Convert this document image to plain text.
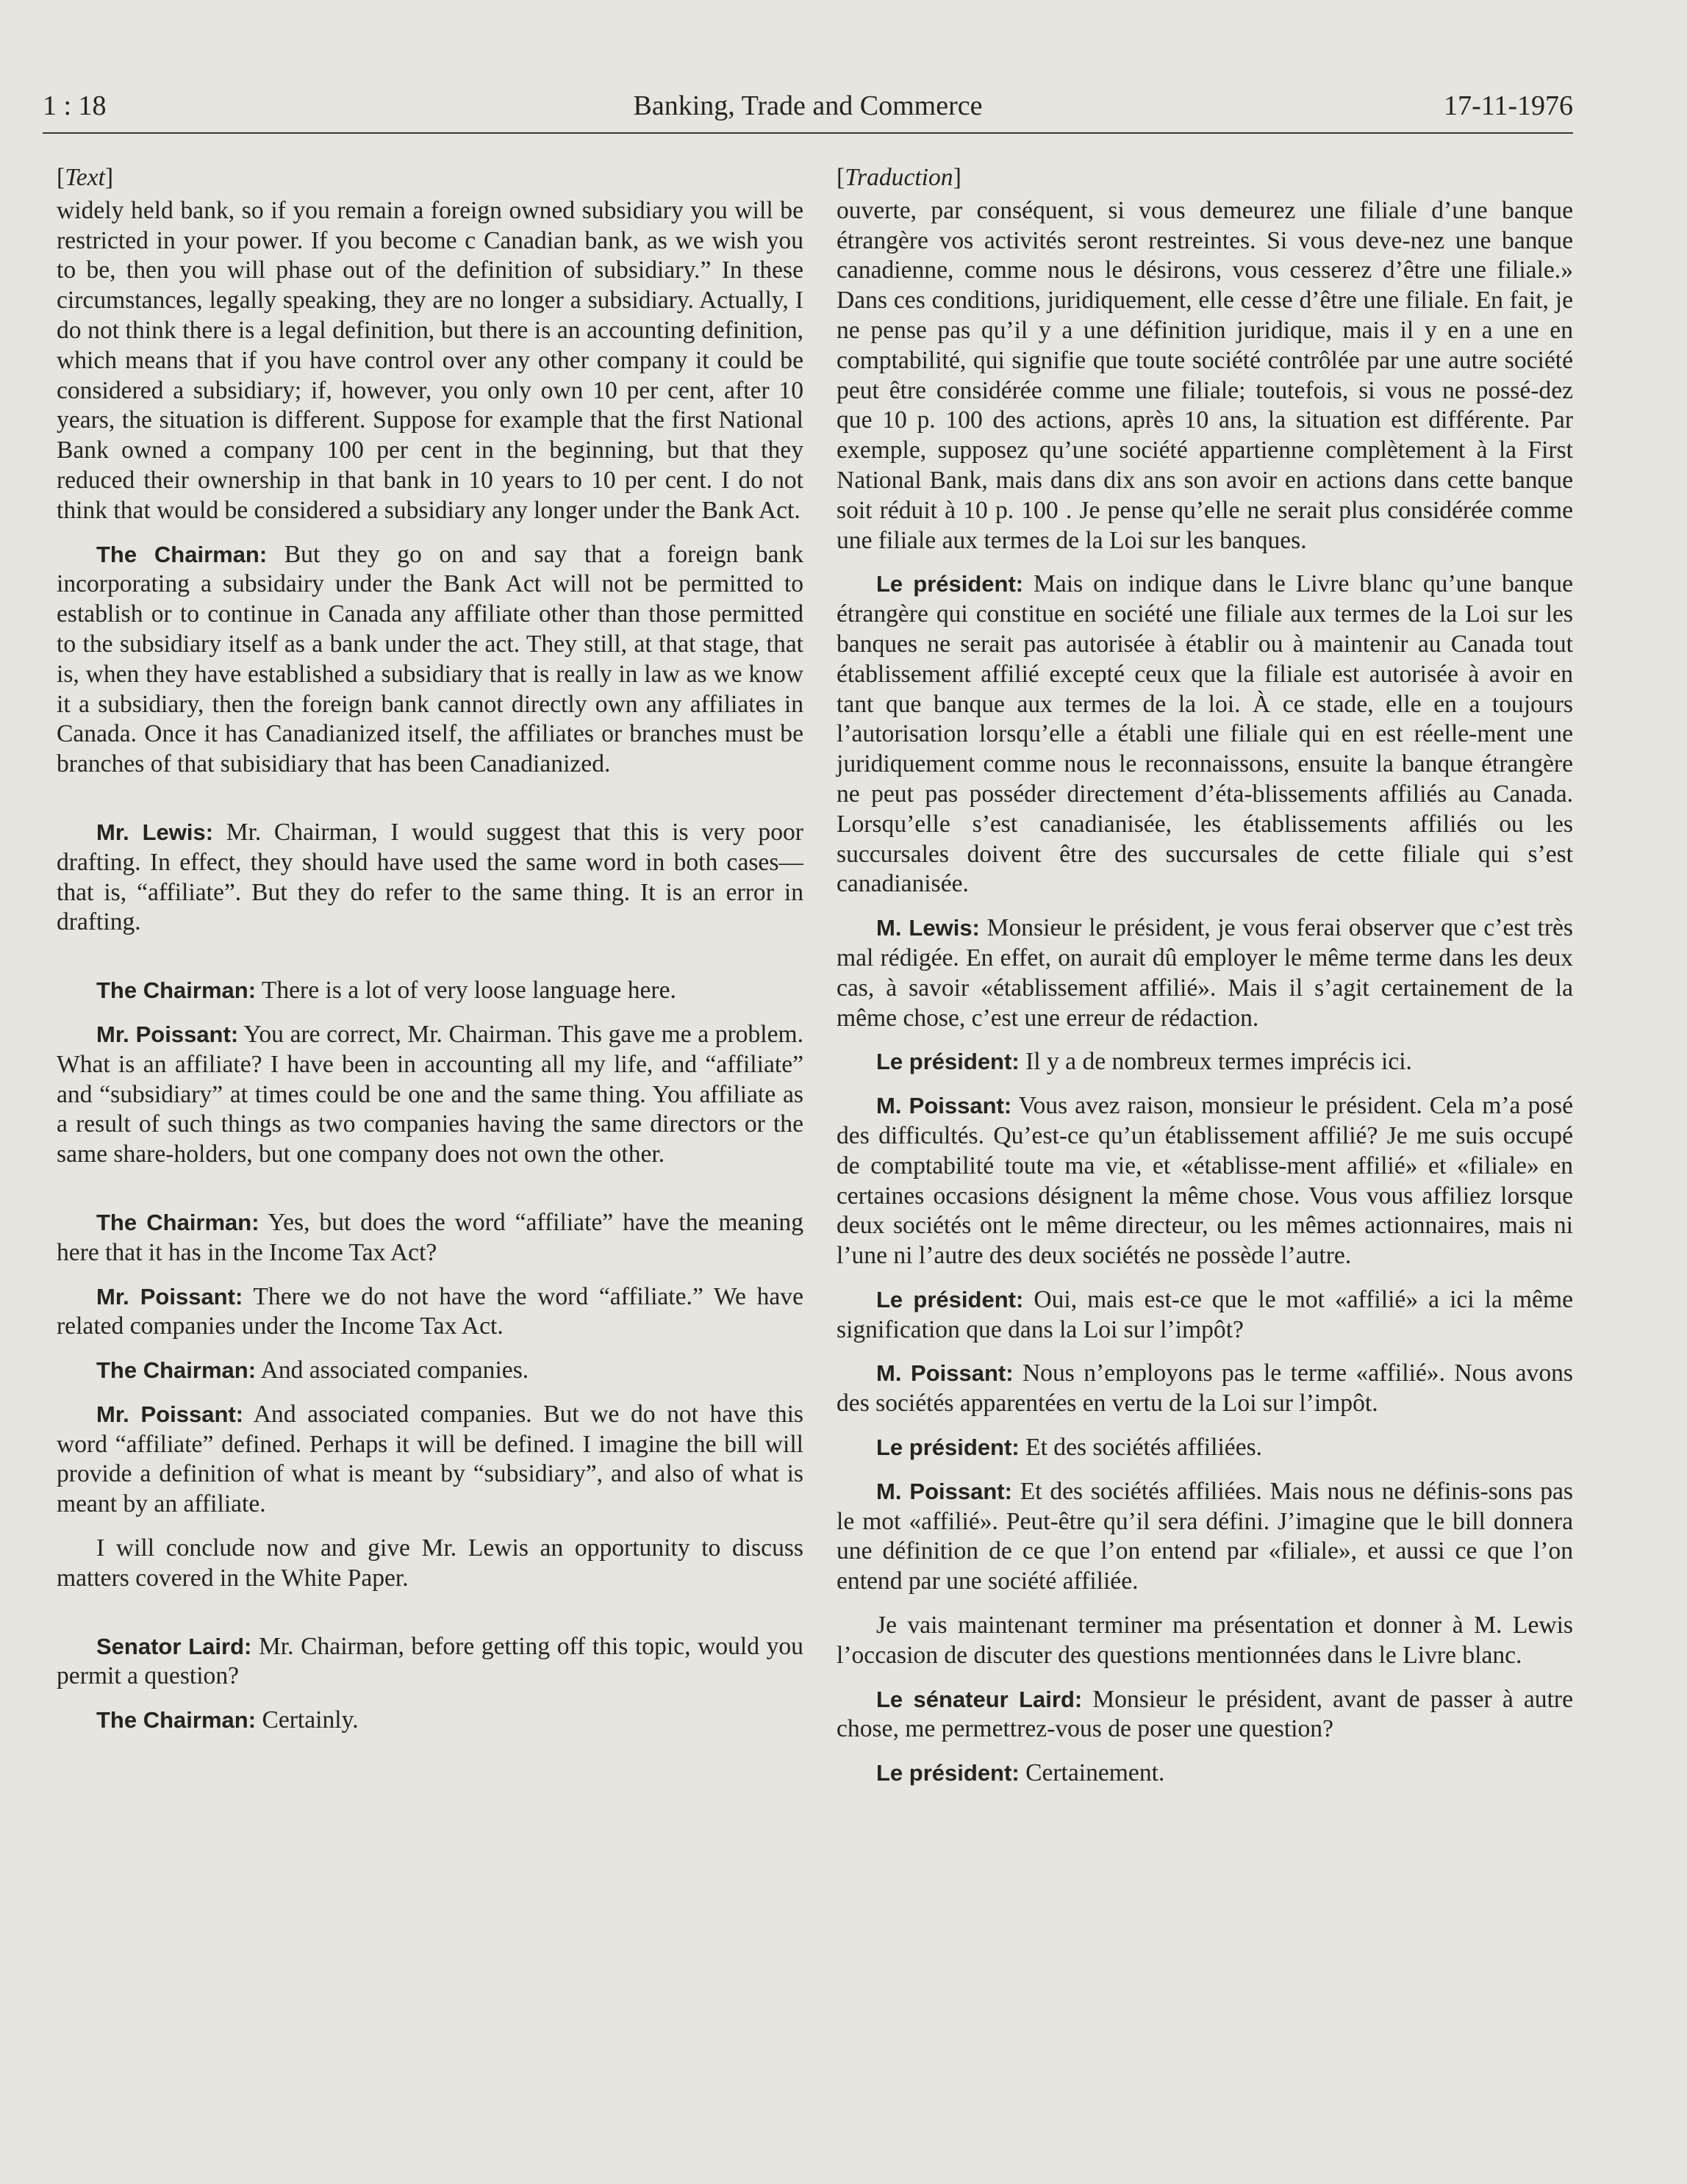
1 : 18	Banking, Trade and Commerce	17-11-1976
[Text]

widely held bank, so if you remain a foreign owned subsidiary you will be restricted in your power. If you become c Canadian bank, as we wish you to be, then you will phase out of the definition of subsidiary.” In these circumstances, legally speaking, they are no longer a subsidiary. Actually, I do not think there is a legal definition, but there is an accounting definition, which means that if you have control over any other company it could be considered a subsidiary; if, however, you only own 10 per cent, after 10 years, the situation is different. Suppose for example that the first National Bank owned a company 100 per cent in the beginning, but that they reduced their ownership in that bank in 10 years to 10 per cent. I do not think that would be considered a subsidiary any longer under the Bank Act.

The Chairman: But they go on and say that a foreign bank incorporating a subsidairy under the Bank Act will not be permitted to establish or to continue in Canada any affiliate other than those permitted to the subsidiary itself as a bank under the act. They still, at that stage, that is, when they have established a subsidiary that is really in law as we know it a subsidiary, then the foreign bank cannot directly own any affiliates in Canada. Once it has Canadianized itself, the affiliates or branches must be branches of that subisidiary that has been Canadianized.

Mr. Lewis: Mr. Chairman, I would suggest that this is very poor drafting. In effect, they should have used the same word in both cases—that is, “affiliate”. But they do refer to the same thing. It is an error in drafting.

The Chairman: There is a lot of very loose language here.

Mr. Poissant: You are correct, Mr. Chairman. This gave me a problem. What is an affiliate? I have been in accounting all my life, and “affiliate” and “subsidiary” at times could be one and the same thing. You affiliate as a result of such things as two companies having the same directors or the same share-holders, but one company does not own the other.

The Chairman: Yes, but does the word “affiliate” have the meaning here that it has in the Income Tax Act?

Mr. Poissant: There we do not have the word “affiliate.” We have related companies under the Income Tax Act.

The Chairman: And associated companies.

Mr. Poissant: And associated companies. But we do not have this word “affiliate” defined. Perhaps it will be defined. I imagine the bill will provide a definition of what is meant by “subsidiary”, and also of what is meant by an affiliate.

I will conclude now and give Mr. Lewis an opportunity to discuss matters covered in the White Paper.

Senator Laird: Mr. Chairman, before getting off this topic, would you permit a question?

The Chairman: Certainly.

[Traduction]

ouverte, par conséquent, si vous demeurez une filiale d’une banque étrangère vos activités seront restreintes. Si vous deve-nez une banque canadienne, comme nous le désirons, vous cesserez d’être une filiale.» Dans ces conditions, juridiquement, elle cesse d’être une filiale. En fait, je ne pense pas qu’il y a une définition juridique, mais il y en a une en comptabilité, qui signifie que toute société contrôlée par une autre société peut être considérée comme une filiale; toutefois, si vous ne possé-dez que 10 p. 100 des actions, après 10 ans, la situation est différente. Par exemple, supposez qu’une société appartienne complètement à la First National Bank, mais dans dix ans son avoir en actions dans cette banque soit réduit à 10 p. 100 . Je pense qu’elle ne serait plus considérée comme une filiale aux termes de la Loi sur les banques.

Le président: Mais on indique dans le Livre blanc qu’une banque étrangère qui constitue en société une filiale aux termes de la Loi sur les banques ne serait pas autorisée à établir ou à maintenir au Canada tout établissement affilié excepté ceux que la filiale est autorisée à avoir en tant que banque aux termes de la loi. À ce stade, elle en a toujours l’autorisation lorsqu’elle a établi une filiale qui en est réelle-ment une juridiquement comme nous le reconnaissons, ensuite la banque étrangère ne peut pas posséder directement d’éta-blissements affiliés au Canada. Lorsqu’elle s’est canadianisée, les établissements affiliés ou les succursales doivent être des succursales de cette filiale qui s’est canadianisée.

M. Lewis: Monsieur le président, je vous ferai observer que c’est très mal rédigée. En effet, on aurait dû employer le même terme dans les deux cas, à savoir «établissement affilié». Mais il s’agit certainement de la même chose, c’est une erreur de rédaction.

Le président: Il y a de nombreux termes imprécis ici.

M. Poissant: Vous avez raison, monsieur le président. Cela m’a posé des difficultés. Qu’est-ce qu’un établissement affilié? Je me suis occupé de comptabilité toute ma vie, et «établisse-ment affilié» et «filiale» en certaines occasions désignent la même chose. Vous vous affiliez lorsque deux sociétés ont le même directeur, ou les mêmes actionnaires, mais ni l’une ni l’autre des deux sociétés ne possède l’autre.

Le président: Oui, mais est-ce que le mot «affilié» a ici la même signification que dans la Loi sur l’impôt?

M. Poissant: Nous n’employons pas le terme «affilié». Nous avons des sociétés apparentées en vertu de la Loi sur l’impôt.

Le président: Et des sociétés affiliées.

M. Poissant: Et des sociétés affiliées. Mais nous ne définis-sons pas le mot «affilié». Peut-être qu’il sera défini. J’imagine que le bill donnera une définition de ce que l’on entend par «filiale», et aussi ce que l’on entend par une société affiliée.

Je vais maintenant terminer ma présentation et donner à M. Lewis l’occasion de discuter des questions mentionnées dans le Livre blanc.

Le sénateur Laird: Monsieur le président, avant de passer à autre chose, me permettrez-vous de poser une question?

Le président: Certainement.
